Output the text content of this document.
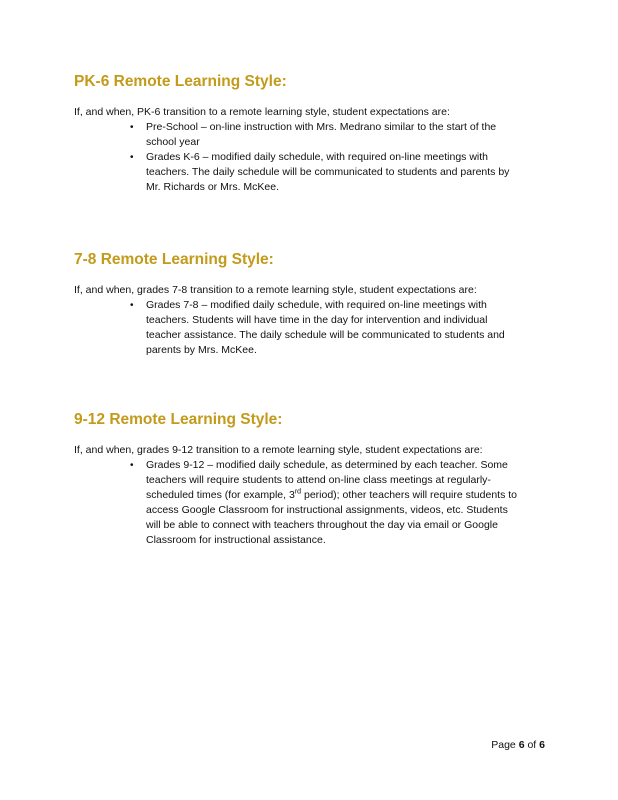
PK-6 Remote Learning Style:

If, and when, PK-6 transition to a remote learning style, student expectations are:

• Pre-School – on-line instruction with Mrs. Medrano similar to the start of the
school year
• Grades K-6 – modified daily schedule, with required on-line meetings with
teachers. The daily schedule will be communicated to students and parents by
Mr. Richards or Mrs. McKee.
7-8 Remote Learning Style:

If, and when, grades 7-8 transition to a remote learning style, student expectations are:

• Grades 7-8 – modified daily schedule, with required on-line meetings with
teachers. Students will have time in the day for intervention and individual
teacher assistance. The daily schedule will be communicated to students and
parents by Mrs. McKee.
9-12 Remote Learning Style:

If, and when, grades 9-12 transition to a remote learning style, student expectations are:

• Grades 9-12 – modified daily schedule, as determined by each teacher. Some
teachers will require students to attend on-line class meetings at regularly-
scheduled times (for example, 3rd period); other teachers will require students to
access Google Classroom for instructional assignments, videos, etc. Students
will be able to connect with teachers throughout the day via email or Google
Classroom for instructional assistance.
Page 6 of 6
